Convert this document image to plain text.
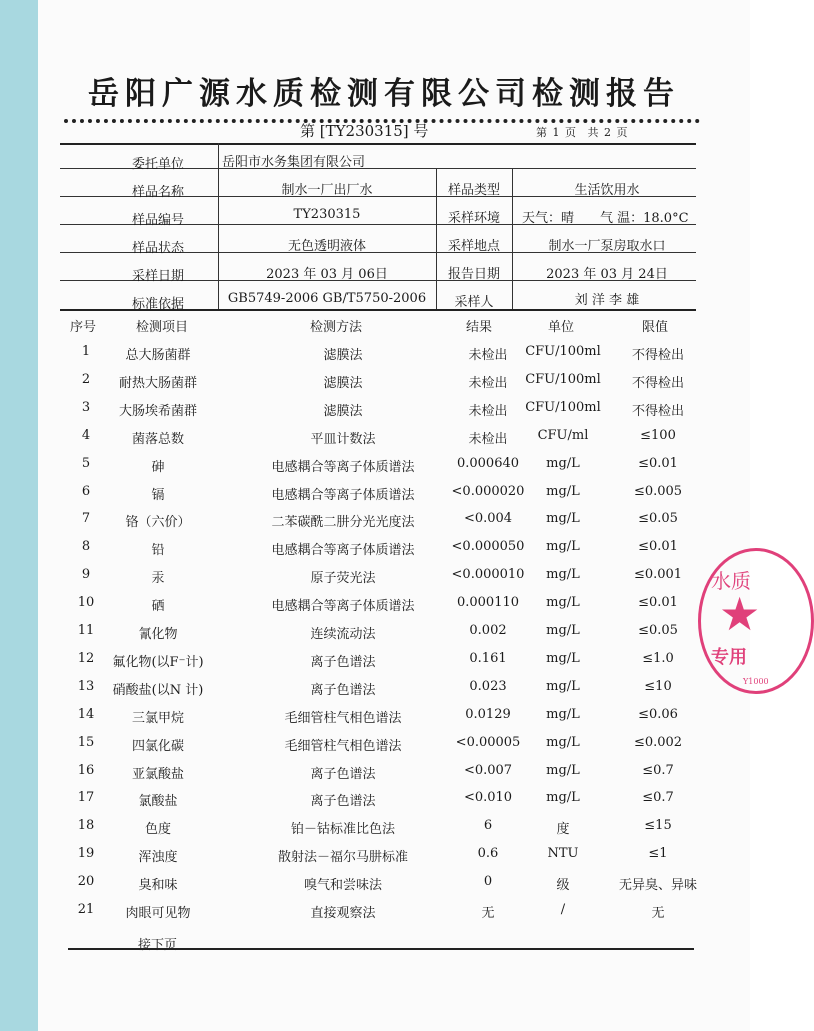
岳阳广源水质检测有限公司检测报告
第 [TY230315] 号	第 1 页 共 2 页
委托单位	岳阳市水务集团有限公司
样品名称	制水一厂出厂水	样品类型	生活饮用水
样品编号	TY230315	采样环境	天气：晴 气 温：18.0°C
样品状态	无色透明液体	采样地点	制水一厂泵房取水口
采样日期	2023 年 03 月 06日	报告日期	2023 年 03 月 24日
标准依据	GB5749-2006 GB/T5750-2006	采样人	刘 洋 李 雄
序号	检测项目	检测方法	结果	单位	限值
1	总大肠菌群	滤膜法	未检出	CFU/100ml	不得检出
2	耐热大肠菌群	滤膜法	未检出	CFU/100ml	不得检出
3	大肠埃希菌群	滤膜法	未检出	CFU/100ml	不得检出
4	菌落总数	平皿计数法	未检出	CFU/ml	≤100
5	砷	电感耦合等离子体质谱法	0.000640	mg/L	≤0.01
6	镉	电感耦合等离子体质谱法	<0.000020	mg/L	≤0.005
7	铬（六价）	二苯碳酰二肼分光光度法	<0.004	mg/L	≤0.05
8	铅	电感耦合等离子体质谱法	<0.000050	mg/L	≤0.01
9	汞	原子荧光法	<0.000010	mg/L	≤0.001
10	硒	电感耦合等离子体质谱法	0.000110	mg/L	≤0.01
11	氰化物	连续流动法	0.002	mg/L	≤0.05
12	氟化物(以F⁻计)	离子色谱法	0.161	mg/L	≤1.0
13	硝酸盐(以N 计)	离子色谱法	0.023	mg/L	≤10
14	三氯甲烷	毛细管柱气相色谱法	0.0129	mg/L	≤0.06
15	四氯化碳	毛细管柱气相色谱法	<0.00005	mg/L	≤0.002
16	亚氯酸盐	离子色谱法	<0.007	mg/L	≤0.7
17	氯酸盐	离子色谱法	<0.010	mg/L	≤0.7
18	色度	铂－钴标准比色法	6	度	≤15
19	浑浊度	散射法－福尔马肼标准	0.6	NTU	≤1
20	臭和味	嗅气和尝味法	0	级	无异臭、异味
21	肉眼可见物	直接观察法	无	/	无
接下页
水质
★
专用
Y1000
